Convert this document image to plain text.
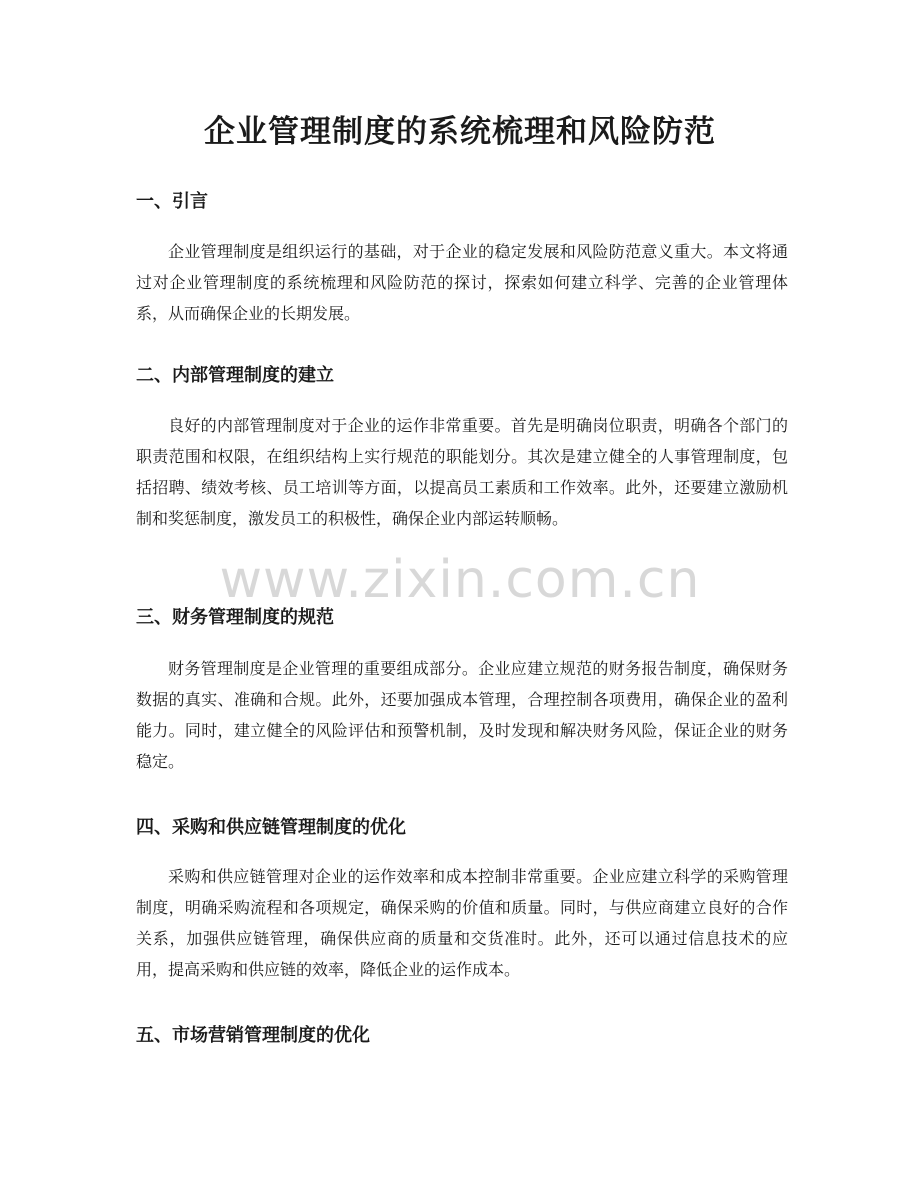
企业管理制度的系统梳理和风险防范
一、引言

企业管理制度是组织运行的基础，对于企业的稳定发展和风险防范意义重大。本文将通过对企业管理制度的系统梳理和风险防范的探讨，探索如何建立科学、完善的企业管理体系，从而确保企业的长期发展。

二、内部管理制度的建立

良好的内部管理制度对于企业的运作非常重要。首先是明确岗位职责，明确各个部门的职责范围和权限，在组织结构上实行规范的职能划分。其次是建立健全的人事管理制度，包括招聘、绩效考核、员工培训等方面，以提高员工素质和工作效率。此外，还要建立激励机制和奖惩制度，激发员工的积极性，确保企业内部运转顺畅。

三、财务管理制度的规范

财务管理制度是企业管理的重要组成部分。企业应建立规范的财务报告制度，确保财务数据的真实、准确和合规。此外，还要加强成本管理，合理控制各项费用，确保企业的盈利能力。同时，建立健全的风险评估和预警机制，及时发现和解决财务风险，保证企业的财务稳定。

四、采购和供应链管理制度的优化

采购和供应链管理对企业的运作效率和成本控制非常重要。企业应建立科学的采购管理制度，明确采购流程和各项规定，确保采购的价值和质量。同时，与供应商建立良好的合作关系，加强供应链管理，确保供应商的质量和交货准时。此外，还可以通过信息技术的应用，提高采购和供应链的效率，降低企业的运作成本。

五、市场营销管理制度的优化
www.zixin.com.cn
